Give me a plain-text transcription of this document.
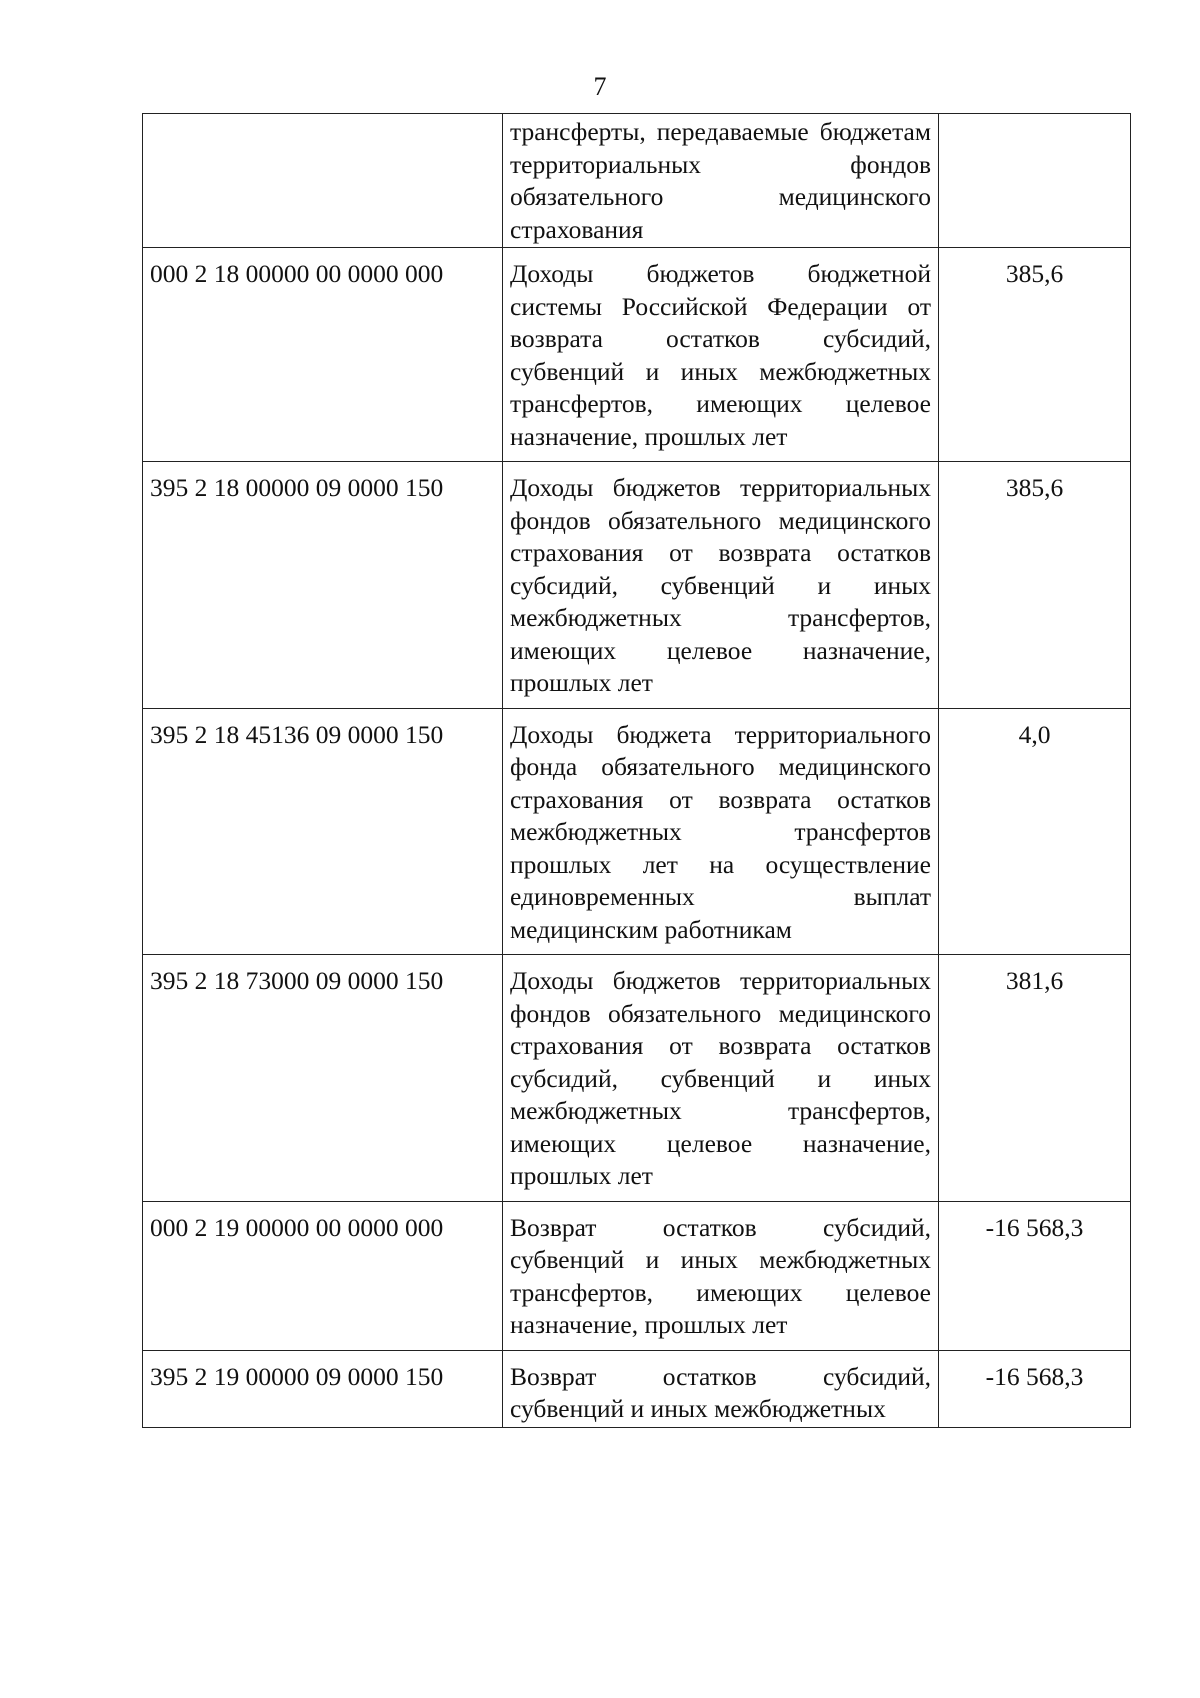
7
	трансферты, передаваемые бюджетам территориальных фондов обязательного медицинского страхования	
000 2 18 00000 00 0000 000	Доходы бюджетов бюджетной системы Российской Федерации от возврата остатков субсидий, субвенций и иных межбюджетных трансфертов, имеющих целевое назначение, прошлых лет	385,6
395 2 18 00000 09 0000 150	Доходы бюджетов территориальных фондов обязательного медицинского страхования от возврата остатков субсидий, субвенций и иных межбюджетных трансфертов, имеющих целевое назначение, прошлых лет	385,6
395 2 18 45136 09 0000 150	Доходы бюджета территориального фонда обязательного медицинского страхования от возврата остатков межбюджетных трансфертов прошлых лет на осуществление единовременных выплат медицинским работникам	4,0
395 2 18 73000 09 0000 150	Доходы бюджетов территориальных фондов обязательного медицинского страхования от возврата остатков субсидий, субвенций и иных межбюджетных трансфертов, имеющих целевое назначение, прошлых лет	381,6
000 2 19 00000 00 0000 000	Возврат остатков субсидий, субвенций и иных межбюджетных трансфертов, имеющих целевое назначение, прошлых лет	-16 568,3
395 2 19 00000 09 0000 150	Возврат остатков субсидий, субвенций и иных межбюджетных	-16 568,3
